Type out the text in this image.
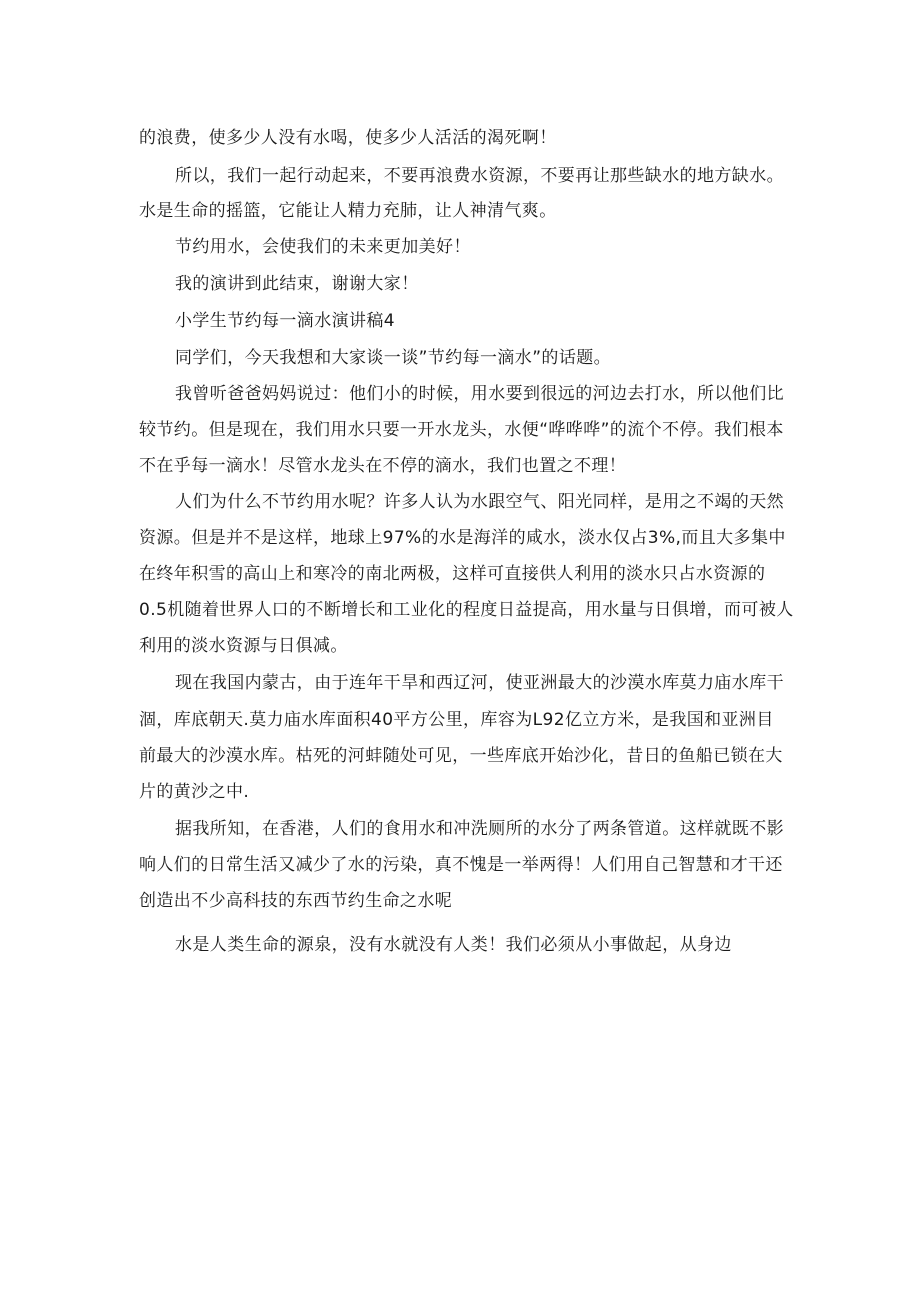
的浪费，使多少人没有水喝，使多少人活活的渴死啊！
所以，我们一起行动起来，不要再浪费水资源，不要再让那些缺水的地方缺水。
水是生命的摇篮，它能让人精力充肺，让人神清气爽。
节约用水，会使我们的未来更加美好！
我的演讲到此结束，谢谢大家！
小学生节约每一滴水演讲稿4
同学们，今天我想和大家谈一谈”节约每一滴水”的话题。
我曾听爸爸妈妈说过：他们小的时候，用水要到很远的河边去打水，所以他们比
较节约。但是现在，我们用水只要一开水龙头，水便“哗哗哗”的流个不停。我们根本
不在乎每一滴水！尽管水龙头在不停的滴水，我们也置之不理！
人们为什么不节约用水呢？许多人认为水跟空气、阳光同样，是用之不竭的天然
资源。但是并不是这样，地球上97%的水是海洋的咸水，淡水仅占3%,而且大多集中
在终年积雪的高山上和寒冷的南北两极，这样可直接供人利用的淡水只占水资源的
0.5机随着世界人口的不断增长和工业化的程度日益提高，用水量与日俱增，而可被人
利用的淡水资源与日俱减。
现在我国内蒙古，由于连年干旱和西辽河，使亚洲最大的沙漠水库莫力庙水库干
涸，库底朝天.莫力庙水库面积40平方公里，库容为L92亿立方米，是我国和亚洲目
前最大的沙漠水库。枯死的河蚌随处可见，一些库底开始沙化，昔日的鱼船已锁在大
片的黄沙之中.
据我所知，在香港，人们的食用水和冲洗厕所的水分了两条管道。这样就既不影
响人们的日常生活又减少了水的污染，真不愧是一举两得！人们用自己智慧和才干还
创造出不少高科技的东西节约生命之水呢
水是人类生命的源泉，没有水就没有人类！我们必须从小事做起，从身边
